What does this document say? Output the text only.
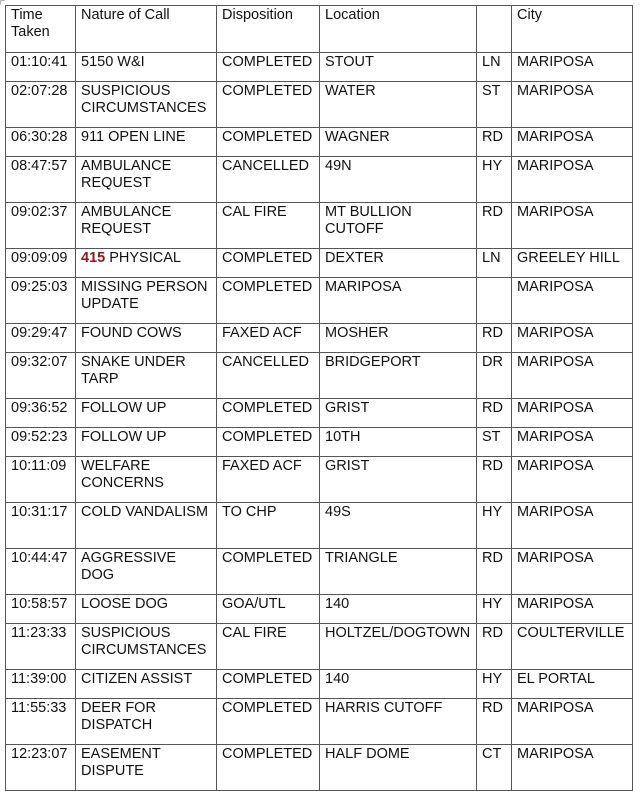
Time Taken	Nature of Call	Disposition	Location		City
01:10:41	5150 W&I	COMPLETED	STOUT	LN	MARIPOSA
02:07:28	SUSPICIOUS CIRCUMSTANCES	COMPLETED	WATER	ST	MARIPOSA
06:30:28	911 OPEN LINE	COMPLETED	WAGNER	RD	MARIPOSA
08:47:57	AMBULANCE REQUEST	CANCELLED	49N	HY	MARIPOSA
09:02:37	AMBULANCE REQUEST	CAL FIRE	MT BULLION CUTOFF	RD	MARIPOSA
09:09:09	415 PHYSICAL	COMPLETED	DEXTER	LN	GREELEY HILL
09:25:03	MISSING PERSON UPDATE	COMPLETED	MARIPOSA		MARIPOSA
09:29:47	FOUND COWS	FAXED ACF	MOSHER	RD	MARIPOSA
09:32:07	SNAKE UNDER TARP	CANCELLED	BRIDGEPORT	DR	MARIPOSA
09:36:52	FOLLOW UP	COMPLETED	GRIST	RD	MARIPOSA
09:52:23	FOLLOW UP	COMPLETED	10TH	ST	MARIPOSA
10:11:09	WELFARE CONCERNS	FAXED ACF	GRIST	RD	MARIPOSA
10:31:17	COLD VANDALISM	TO CHP	49S	HY	MARIPOSA
10:44:47	AGGRESSIVE DOG	COMPLETED	TRIANGLE	RD	MARIPOSA
10:58:57	LOOSE DOG	GOA/UTL	140	HY	MARIPOSA
11:23:33	SUSPICIOUS CIRCUMSTANCES	CAL FIRE	HOLTZEL/DOGTOWN	RD	COULTERVILLE
11:39:00	CITIZEN ASSIST	COMPLETED	140	HY	EL PORTAL
11:55:33	DEER FOR DISPATCH	COMPLETED	HARRIS CUTOFF	RD	MARIPOSA
12:23:07	EASEMENT DISPUTE	COMPLETED	HALF DOME	CT	MARIPOSA
